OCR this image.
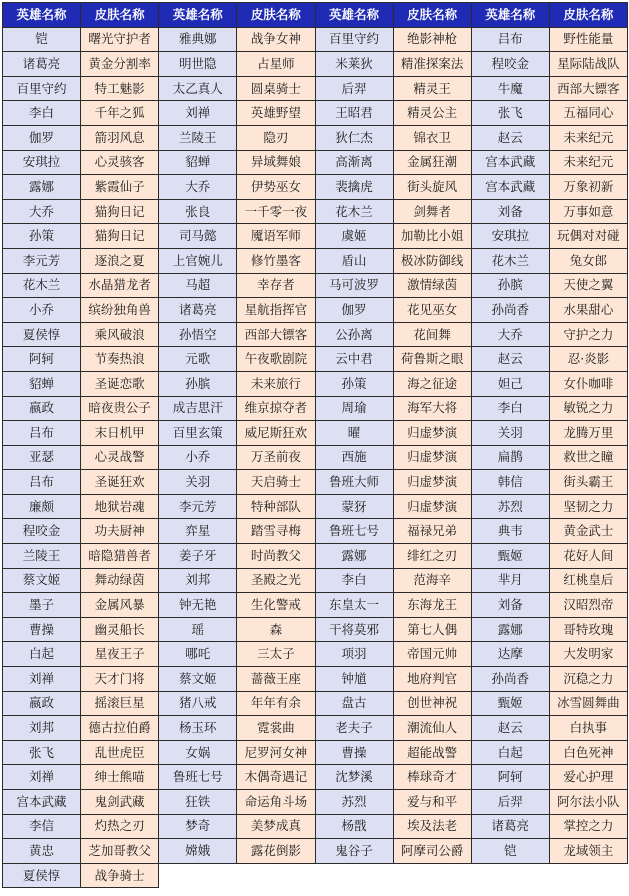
英雄名称	皮肤名称	英雄名称	皮肤名称	英雄名称	皮肤名称	英雄名称	皮肤名称
铠	曙光守护者	雅典娜	战争女神	百里守约	绝影神枪	吕布	野性能量
诸葛亮	黄金分割率	明世隐	占星师	米莱狄	精准探案法	程咬金	星际陆战队
百里守约	特工魅影	太乙真人	圆桌骑士	后羿	精灵王	牛魔	西部大镖客
李白	千年之狐	刘禅	英雄野望	王昭君	精灵公主	张飞	五福同心
伽罗	箭羽风息	兰陵王	隐刃	狄仁杰	锦衣卫	赵云	未来纪元
安琪拉	心灵骇客	貂蝉	异域舞娘	高渐离	金属狂潮	宫本武藏	未来纪元
露娜	紫霞仙子	大乔	伊势巫女	裴擒虎	街头旋风	宫本武藏	万象初新
大乔	猫狗日记	张良	一千零一夜	花木兰	剑舞者	刘备	万事如意
孙策	猫狗日记	司马懿	魇语军师	虞姬	加勒比小姐	安琪拉	玩偶对对碰
李元芳	逐浪之夏	上官婉儿	修竹墨客	盾山	极冰防御线	花木兰	兔女郎
花木兰	水晶猎龙者	马超	幸存者	马可波罗	激情绿茵	孙膑	天使之翼
小乔	缤纷独角兽	诸葛亮	星航指挥官	伽罗	花见巫女	孙尚香	水果甜心
夏侯惇	乘风破浪	孙悟空	西部大镖客	公孙离	花间舞	大乔	守护之力
阿轲	节奏热浪	元歌	午夜歌剧院	云中君	荷鲁斯之眼	赵云	忍·炎影
貂蝉	圣诞恋歌	孙膑	未来旅行	孙策	海之征途	妲己	女仆咖啡
嬴政	暗夜贵公子	成吉思汗	维京掠夺者	周瑜	海军大将	李白	敏锐之力
吕布	末日机甲	百里玄策	威尼斯狂欢	曜	归虚梦演	关羽	龙腾万里
亚瑟	心灵战警	小乔	万圣前夜	西施	归虚梦演	扁鹊	救世之瞳
吕布	圣诞狂欢	关羽	天启骑士	鲁班大师	归虚梦演	韩信	街头霸王
廉颇	地狱岩魂	李元芳	特种部队	蒙犽	归虚梦演	苏烈	坚韧之力
程咬金	功夫厨神	弈星	踏雪寻梅	鲁班七号	福禄兄弟	典韦	黄金武士
兰陵王	暗隐猎兽者	姜子牙	时尚教父	露娜	绯红之刃	甄姬	花好人间
蔡文姬	舞动绿茵	刘邦	圣殿之光	李白	范海辛	芈月	红桃皇后
墨子	金属风暴	钟无艳	生化警戒	东皇太一	东海龙王	刘备	汉昭烈帝
曹操	幽灵船长	瑶	森	干将莫邪	第七人偶	露娜	哥特玫瑰
白起	星夜王子	哪吒	三太子	项羽	帝国元帅	达摩	大发明家
刘禅	天才门将	蔡文姬	蔷薇王座	钟馗	地府判官	孙尚香	沉稳之力
嬴政	摇滚巨星	猪八戒	年年有余	盘古	创世神祝	甄姬	冰雪圆舞曲
刘邦	德古拉伯爵	杨玉环	霓裳曲	老夫子	潮流仙人	赵云	白执事
张飞	乱世虎臣	女娲	尼罗河女神	曹操	超能战警	白起	白色死神
刘禅	绅士熊喵	鲁班七号	木偶奇遇记	沈梦溪	棒球奇才	阿轲	爱心护理
宫本武藏	鬼剑武藏	狂铁	命运角斗场	苏烈	爱与和平	后羿	阿尔法小队
李信	灼热之刃	梦奇	美梦成真	杨戬	埃及法老	诸葛亮	掌控之力
黄忠	芝加哥教父	嫦娥	露花倒影	鬼谷子	阿摩司公爵	铠	龙域领主
夏侯惇	战争骑士						
